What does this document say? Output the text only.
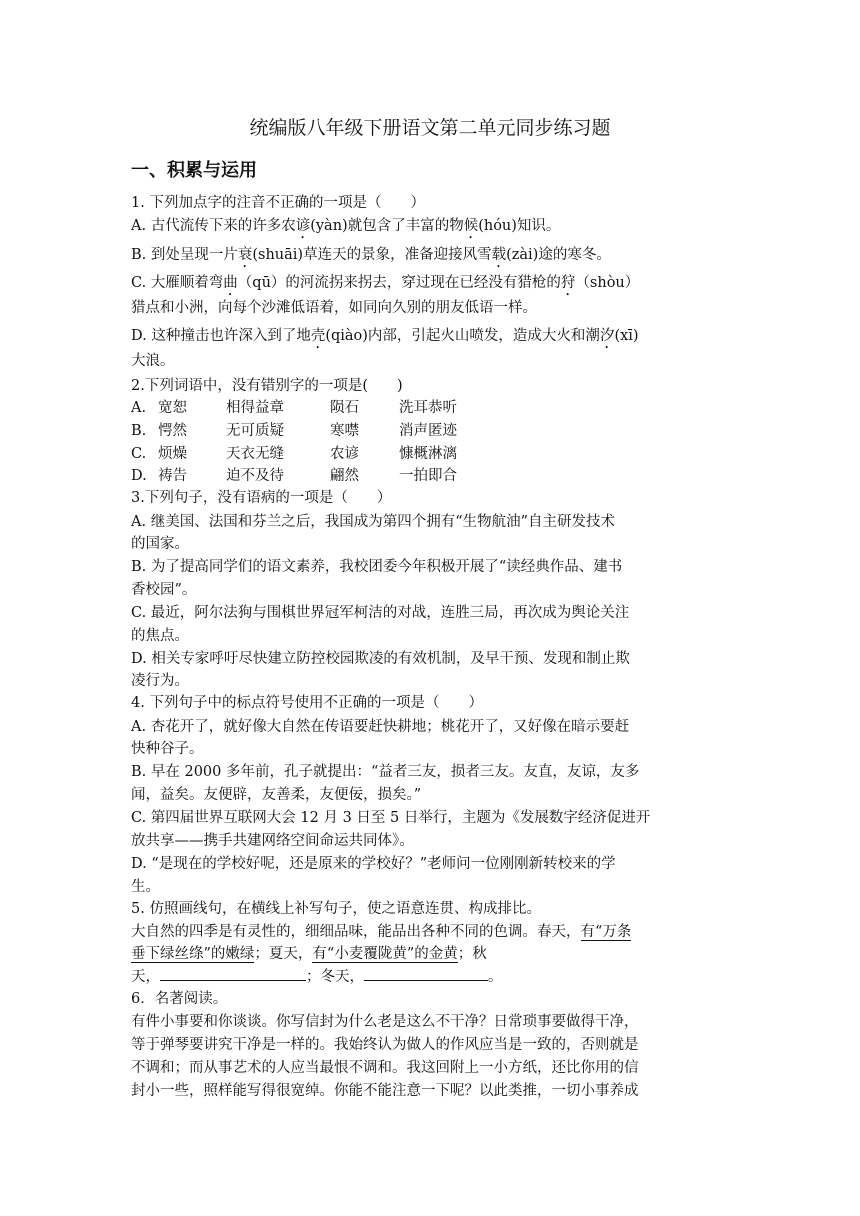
统编版八年级下册语文第二单元同步练习题
一、积累与运用
1. 下列加点字的注音不正确的一项是（　　）
A. 古代流传下来的许多农谚(yàn)就包含了丰富的物候(hóu)知识。
B. 到处呈现一片衰(shuāi)草连天的景象，准备迎接风雪载(zài)途的寒冬。
C. 大雁顺着弯曲（qū）的河流拐来拐去，穿过现在已经没有猎枪的狩（shòu）
猎点和小洲，向每个沙滩低语着，如同向久别的朋友低语一样。
D. 这种撞击也许深入到了地壳(qiào)内部，引起火山喷发，造成大火和潮汐(xī)
大浪。
2.下列词语中，没有错别字的一项是(　　)
A. 宽恕	相得益章	陨石	洗耳恭听
B. 愕然	无可质疑	寒噤	消声匿迹
C. 烦燥	天衣无缝	农谚	慷概淋漓
D. 祷告	迫不及待	翩然	一拍即合
3.下列句子，没有语病的一项是（　　）
A. 继美国、法国和芬兰之后，我国成为第四个拥有“生物航油”自主研发技术
的国家。
B. 为了提高同学们的语文素养，我校团委今年积极开展了“读经典作品、建书
香校园”。
C. 最近，阿尔法狗与围棋世界冠军柯洁的对战，连胜三局，再次成为舆论关注
的焦点。
D. 相关专家呼吁尽快建立防控校园欺凌的有效机制，及早干预、发现和制止欺
凌行为。
4. 下列句子中的标点符号使用不正确的一项是（　　）
A. 杏花开了，就好像大自然在传语要赶快耕地；桃花开了，又好像在暗示要赶
快种谷子。
B. 早在 2000 多年前，孔子就提出：“益者三友，损者三友。友直，友谅，友多
闻，益矣。友便辟，友善柔，友便佞，损矣。”
C. 第四届世界互联网大会 12 月 3 日至 5 日举行，主题为《发展数字经济促进开
放共享——携手共建网络空间命运共同体》。
D. “是现在的学校好呢，还是原来的学校好？”老师问一位刚刚新转校来的学
生。
5. 仿照画线句，在横线上补写句子，使之语意连贯、构成排比。
大自然的四季是有灵性的，细细品味，能品出各种不同的色调。春天，有“万条
垂下绿丝绦”的嫩绿；夏天，有“小麦覆陇黄”的金黄；秋
天，	；冬天，	。
6．名著阅读。
有件小事要和你谈谈。你写信封为什么老是这么不干净？日常琐事要做得干净，
等于弹琴要讲究干净是一样的。我始终认为做人的作风应当是一致的，否则就是
不调和；而从事艺术的人应当最恨不调和。我这回附上一小方纸，还比你用的信
封小一些，照样能写得很宽绰。你能不能注意一下呢？以此类推，一切小事养成
